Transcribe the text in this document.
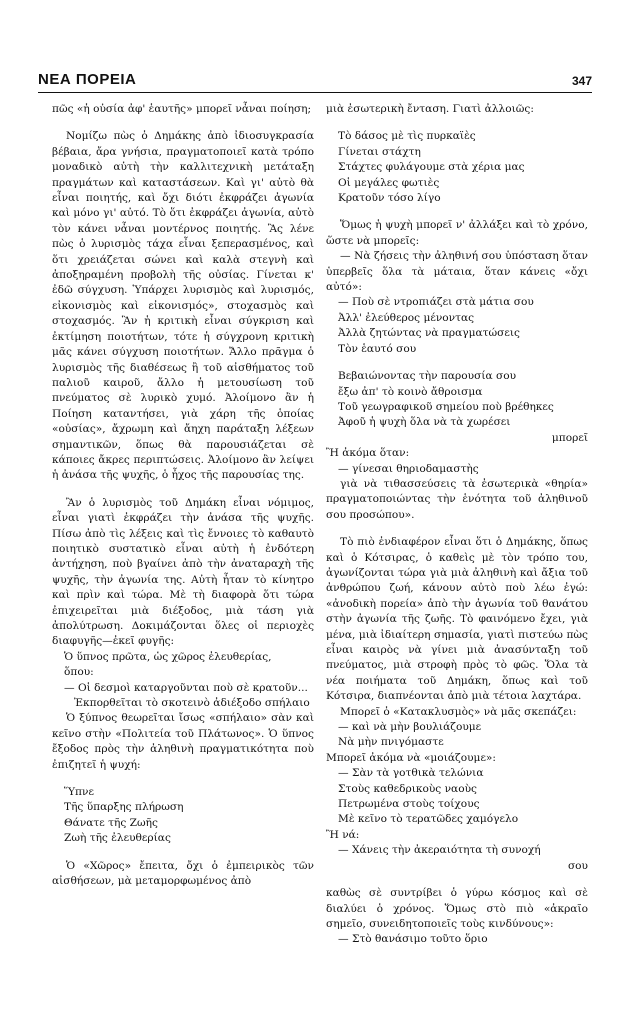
ΝΕΑ ΠΟΡΕΙΑ	347

πῶς «ἡ οὐσία ἀφ' ἑαυτῆς» μπορεῖ νἆναι ποίηση;

Νομίζω πὼς ὁ Δημάκης ἀπὸ ἰδιοσυγκρασία βέβαια, ἄρα γνήσια, πραγματοποιεῖ κατὰ τρόπο μοναδικὸ αὐτὴ τὴν καλλιτεχνικὴ μετάταξη πραγμάτων καὶ καταστάσεων. Καὶ γι' αὐτὸ θὰ εἶναι ποιητής, καὶ ὄχι διότι ἐκφράζει ἀγωνία καὶ μόνο γι' αὐτό. Τὸ ὅτι ἐκφράζει ἀγωνία, αὐτὸ τὸν κάνει νἆναι μοντέρνος ποιητής. Ἂς λένε πὼς ὁ λυρισμὸς τάχα εἶναι ξεπερασμένος, καὶ ὅτι χρειάζεται σώνει καὶ καλὰ στεγνὴ καὶ ἀποξηραμένη προβολὴ τῆς οὐσίας. Γίνεται κ' ἐδῶ σύγχυση. Ὑπάρχει λυρισμὸς καὶ λυρισμός, εἰκονισμὸς καὶ εἰκονισμός», στοχασμὸς καὶ στοχασμός. Ἂν ἡ κριτικὴ εἶναι σύγκριση καὶ ἐκτίμηση ποιοτήτων, τότε ἡ σύγχρονη κριτικὴ μᾶς κάνει σύγχυση ποιοτήτων. Ἄλλο πρᾶγμα ὁ λυρισμὸς τῆς διαθέσεως ἢ τοῦ αἰσθήματος τοῦ παλιοῦ καιροῦ, ἄλλο ἡ μετουσίωση τοῦ πνεύματος σὲ λυρικὸ χυμό. Ἀλοίμονο ἂν ἡ Ποίηση καταντήσει, γιὰ χάρη τῆς ὁποίας «οὐσίας», ἄχρωμη καὶ ἄηχη παράταξη λέξεων σημαντικῶν, ὅπως θὰ παρουσιάζεται σὲ κάποιες ἄκρες περιπτώσεις. Ἀλοίμονο ἂν λείψει ἡ ἀνάσα τῆς ψυχῆς, ὁ ἦχος τῆς παρουσίας της.

Ἂν ὁ λυρισμὸς τοῦ Δημάκη εἶναι νόμιμος, εἶναι γιατὶ ἐκφράζει τὴν ἀνάσα τῆς ψυχῆς. Πίσω ἀπὸ τὶς λέξεις καὶ τὶς ἔννοιες τὸ καθαυτὸ ποιητικὸ συστατικὸ εἶναι αὐτὴ ἡ ἐνδότερη ἀντήχηση, ποὺ βγαίνει ἀπὸ τὴν ἀναταραχὴ τῆς ψυχῆς, τὴν ἀγωνία της. Αὐτὴ ἦταν τὸ κίνητρο καὶ πρὶν καὶ τώρα. Μὲ τὴ διαφορὰ ὅτι τώρα ἐπιχειρεῖται μιὰ διέξοδος, μιὰ τάση γιὰ ἀπολύτρωση. Δοκιμάζονται ὅλες οἱ περιοχὲς διαφυγῆς—ἐκεῖ φυγῆς:

Ὁ ὕπνος πρῶτα, ὡς χῶρος ἐλευθερίας,
ὅπου:
— Οἱ δεσμοὶ καταργοῦνται ποὺ σὲ κρατοῦν...
Ἐκπορθεῖται τὸ σκοτεινὸ ἀδιέξοδο σπήλαιο

Ὁ ξύπνος θεωρεῖται ἴσως «σπήλαιο» σὰν καὶ κεῖνο στὴν «Πολιτεία τοῦ Πλάτωνος». Ὁ ὕπνος ἔξοδος πρὸς τὴν ἀληθινὴ πραγματικότητα ποὺ ἐπιζητεῖ ἡ ψυχή:

Ὕπνε
Τῆς ὕπαρξης πλήρωση
Θάνατε τῆς Ζωῆς
Ζωὴ τῆς ἐλευθερίας

Ὁ «Χῶρος» ἔπειτα, ὄχι ὁ ἐμπειρικὸς τῶν αἰσθήσεων, μὰ μεταμορφωμένος ἀπὸ

μιὰ ἐσωτερικὴ ἔνταση. Γιατὶ ἀλλοιῶς:

Τὸ δάσος μὲ τὶς πυρκαϊὲς
Γίνεται στάχτη
Στάχτες φυλάγουμε στὰ χέρια μας
Οἱ μεγάλες φωτιὲς
Κρατοῦν τόσο λίγο

Ὅμως ἡ ψυχὴ μπορεῖ ν' ἀλλάξει καὶ τὸ χρόνο, ὥστε νὰ μπορεῖς:

— Νὰ ζήσεις τὴν ἀληθινή σου ὑπόσταση ὅταν ὑπερβεῖς ὅλα τὰ μάταια, ὅταν κάνεις «ὄχι αὐτό»:

— Ποὺ σὲ ντροπιάζει στὰ μάτια σου
Ἀλλ' ἐλεύθερος μένοντας
Ἀλλὰ ζητώντας νὰ πραγματώσεις
Τὸν ἑαυτό σου
Βεβαιώνοντας τὴν παρουσία σου
ἔξω ἀπ' τὸ κοινὸ ἄθροισμα
Τοῦ γεωγραφικοῦ σημείου ποὺ βρέθηκες
Ἀφοῦ ἡ ψυχὴ ὅλα νὰ τὰ χωρέσει
μπορεῖ

Ἢ ἀκόμα ὅταν:

— γίνεσαι θηριοδαμαστὴς

γιὰ νὰ τιθασσεύσεις τὰ ἐσωτερικὰ «θηρία» πραγματοποιώντας τὴν ἑνότητα τοῦ ἀληθινοῦ σου προσώπου».

Τὸ πιὸ ἐνδιαφέρον εἶναι ὅτι ὁ Δημάκης, ὅπως καὶ ὁ Κότσιρας, ὁ καθεὶς μὲ τὸν τρόπο του, ἀγωνίζονται τώρα γιὰ μιὰ ἀληθινὴ καὶ ἄξια τοῦ ἀνθρώπου ζωή, κάνουν αὐτὸ ποὺ λέω ἐγώ: «ἀνοδικὴ πορεία» ἀπὸ τὴν ἀγωνία τοῦ θανάτου στὴν ἀγωνία τῆς ζωῆς. Τὸ φαινόμενο ἔχει, γιὰ μένα, μιὰ ἰδιαίτερη σημασία, γιατὶ πιστεύω πὼς εἶναι καιρὸς νὰ γίνει μιὰ ἀνασύνταξη τοῦ πνεύματος, μιὰ στροφὴ πρὸς τὸ φῶς. Ὅλα τὰ νέα ποιήματα τοῦ Δημάκη, ὅπως καὶ τοῦ Κότσιρα, διαπνέονται ἀπὸ μιὰ τέτοια λαχτάρα.

Μπορεῖ ὁ «Κατακλυσμὸς» νὰ μᾶς σκεπάζει:

— καὶ νὰ μὴν βουλιάζουμε
Νὰ μὴν πνιγόμαστε

Μπορεῖ ἀκόμα νὰ «μοιάζουμε»:

— Σὰν τὰ γοτθικὰ τελώνια
Στοὺς καθεδρικοὺς ναοὺς
Πετρωμένα στοὺς τοίχους
Μὲ κεῖνο τὸ τερατῶδες χαμόγελο

Ἢ νά:

— Χάνεις τὴν ἀκεραιότητα τὴ συνοχή
σου

καθὼς σὲ συντρίβει ὁ γύρω κόσμος καὶ σὲ διαλύει ὁ χρόνος. Ὅμως στὸ πιὸ «ἀκραῖο σημεῖο, συνειδητοποιεῖς τοὺς κινδύνους»:

— Στὸ θανάσιμο τοῦτο ὅριο
